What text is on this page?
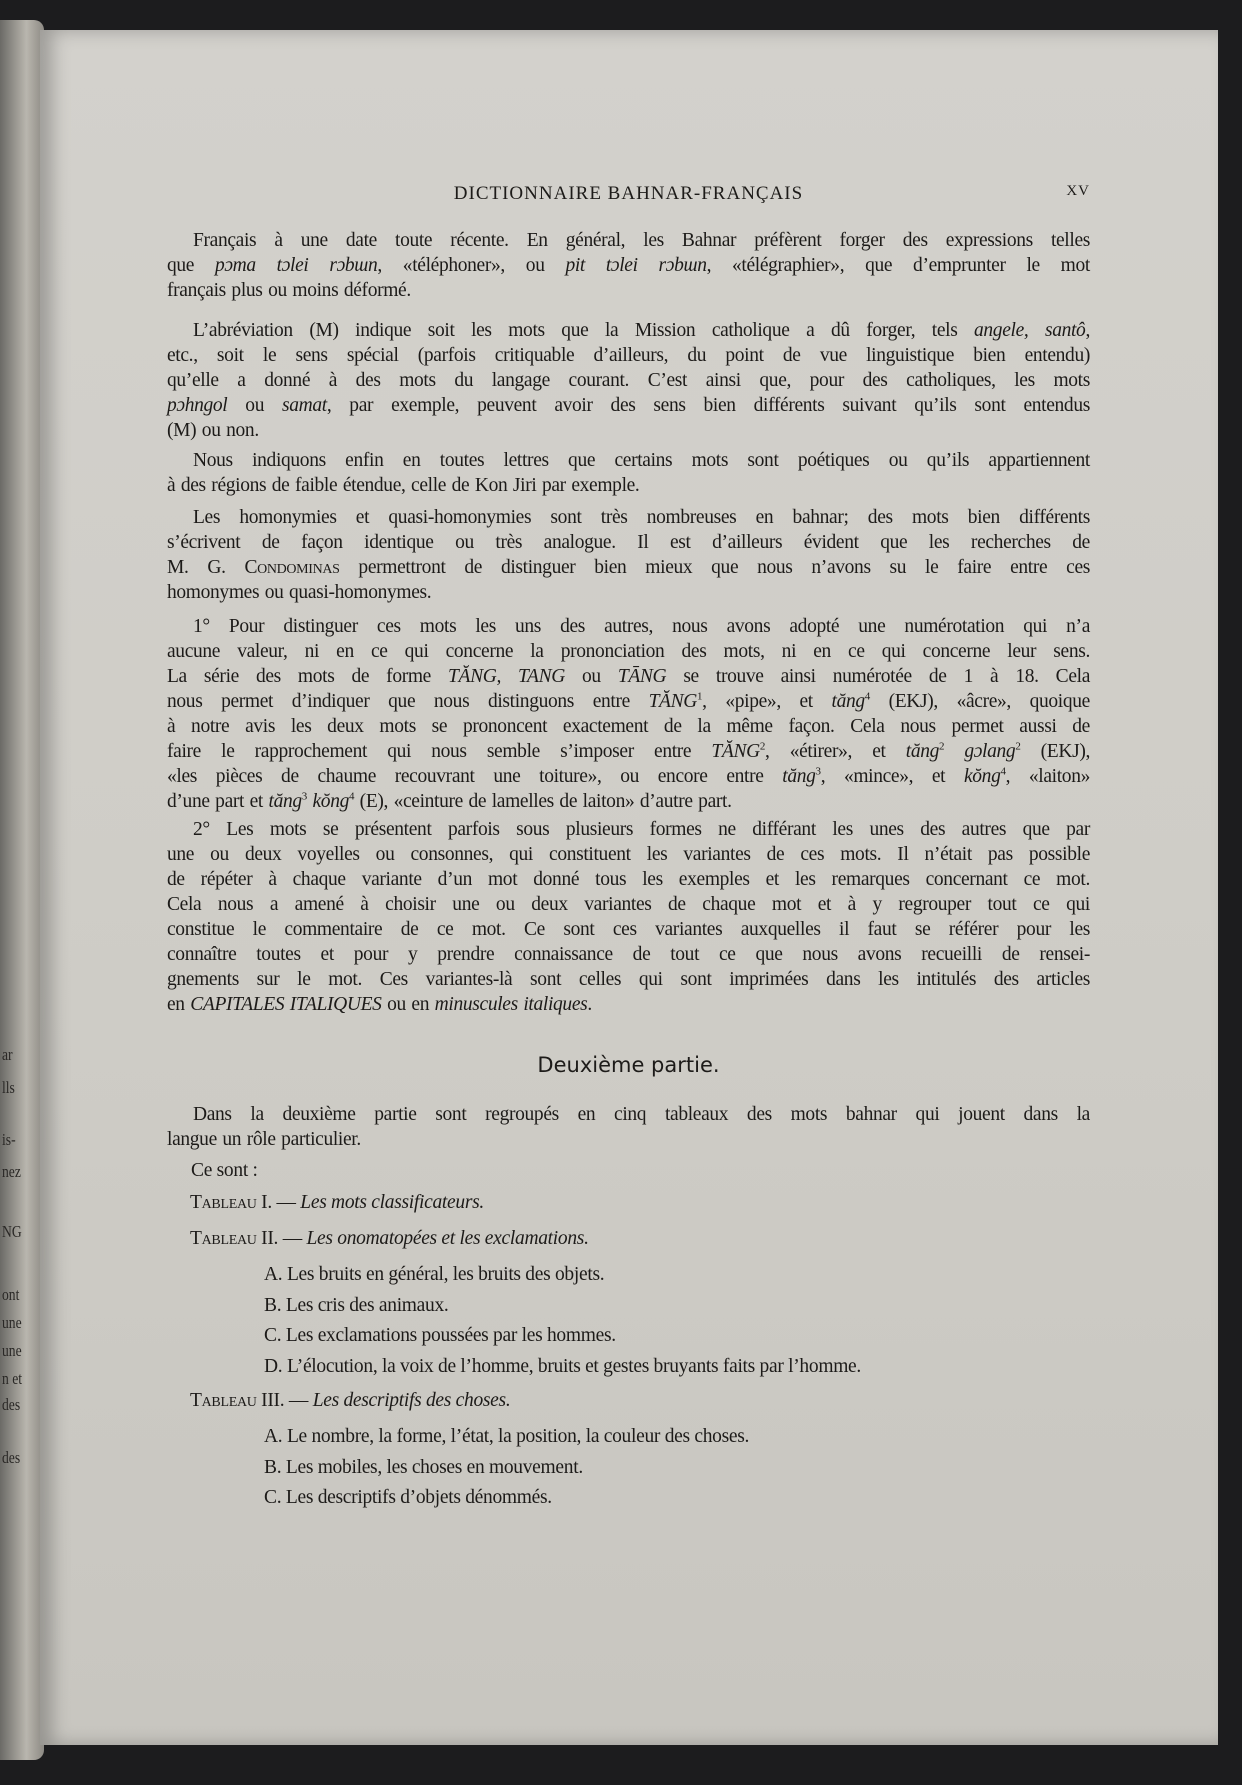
ar
lls
is-
nez
NG
ont
une
une
n et
des
des
DICTIONNAIRE BAHNAR-FRANÇAIS	XV
Français à une date toute récente. En général, les Bahnar préfèrent forger des expressions telles
que pɔma tɔlei rɔbɯn, «téléphoner», ou pit tɔlei rɔbɯn, «télégraphier», que d’emprunter le mot
français plus ou moins déformé.
L’abréviation (M) indique soit les mots que la Mission catholique a dû forger, tels angele, santô,
etc., soit le sens spécial (parfois critiquable d’ailleurs, du point de vue linguistique bien entendu)
qu’elle a donné à des mots du langage courant. C’est ainsi que, pour des catholiques, les mots
pɔhngol ou samat, par exemple, peuvent avoir des sens bien différents suivant qu’ils sont entendus
(M) ou non.
Nous indiquons enfin en toutes lettres que certains mots sont poétiques ou qu’ils appartiennent
à des régions de faible étendue, celle de Kon Jiri par exemple.
Les homonymies et quasi-homonymies sont très nombreuses en bahnar; des mots bien différents
s’écrivent de façon identique ou très analogue. Il est d’ailleurs évident que les recherches de
M. G. Condominas permettront de distinguer bien mieux que nous n’avons su le faire entre ces
homonymes ou quasi-homonymes.
1° Pour distinguer ces mots les uns des autres, nous avons adopté une numérotation qui n’a
aucune valeur, ni en ce qui concerne la prononciation des mots, ni en ce qui concerne leur sens.
La série des mots de forme TĂNG, TANG ou TĀNG se trouve ainsi numérotée de 1 à 18. Cela
nous permet d’indiquer que nous distinguons entre TĂNG$^1$, «pipe», et tăng$^4$ (EKJ), «âcre», quoique
à notre avis les deux mots se prononcent exactement de la même façon. Cela nous permet aussi de
faire le rapprochement qui nous semble s’imposer entre TĂNG$^2$, «étirer», et tăng$^2$ gɔlang$^2$ (EKJ),
«les pièces de chaume recouvrant une toiture», ou encore entre tăng$^3$, «mince», et kŏng$^4$, «laiton»
d’une part et tăng$^3$ kŏng$^4$ (E), «ceinture de lamelles de laiton» d’autre part.
2° Les mots se présentent parfois sous plusieurs formes ne différant les unes des autres que par
une ou deux voyelles ou consonnes, qui constituent les variantes de ces mots. Il n’était pas possible
de répéter à chaque variante d’un mot donné tous les exemples et les remarques concernant ce mot.
Cela nous a amené à choisir une ou deux variantes de chaque mot et à y regrouper tout ce qui
constitue le commentaire de ce mot. Ce sont ces variantes auxquelles il faut se référer pour les
connaître toutes et pour y prendre connaissance de tout ce que nous avons recueilli de rensei-
gnements sur le mot. Ces variantes-là sont celles qui sont imprimées dans les intitulés des articles
en CAPITALES ITALIQUES ou en minuscules italiques.
Deuxième partie.
Dans la deuxième partie sont regroupés en cinq tableaux des mots bahnar qui jouent dans la
langue un rôle particulier.
Ce sont :
Tableau I. — Les mots classificateurs.
Tableau II. — Les onomatopées et les exclamations.
A. Les bruits en général, les bruits des objets.
B. Les cris des animaux.
C. Les exclamations poussées par les hommes.
D. L’élocution, la voix de l’homme, bruits et gestes bruyants faits par l’homme.
Tableau III. — Les descriptifs des choses.
A. Le nombre, la forme, l’état, la position, la couleur des choses.
B. Les mobiles, les choses en mouvement.
C. Les descriptifs d’objets dénommés.
